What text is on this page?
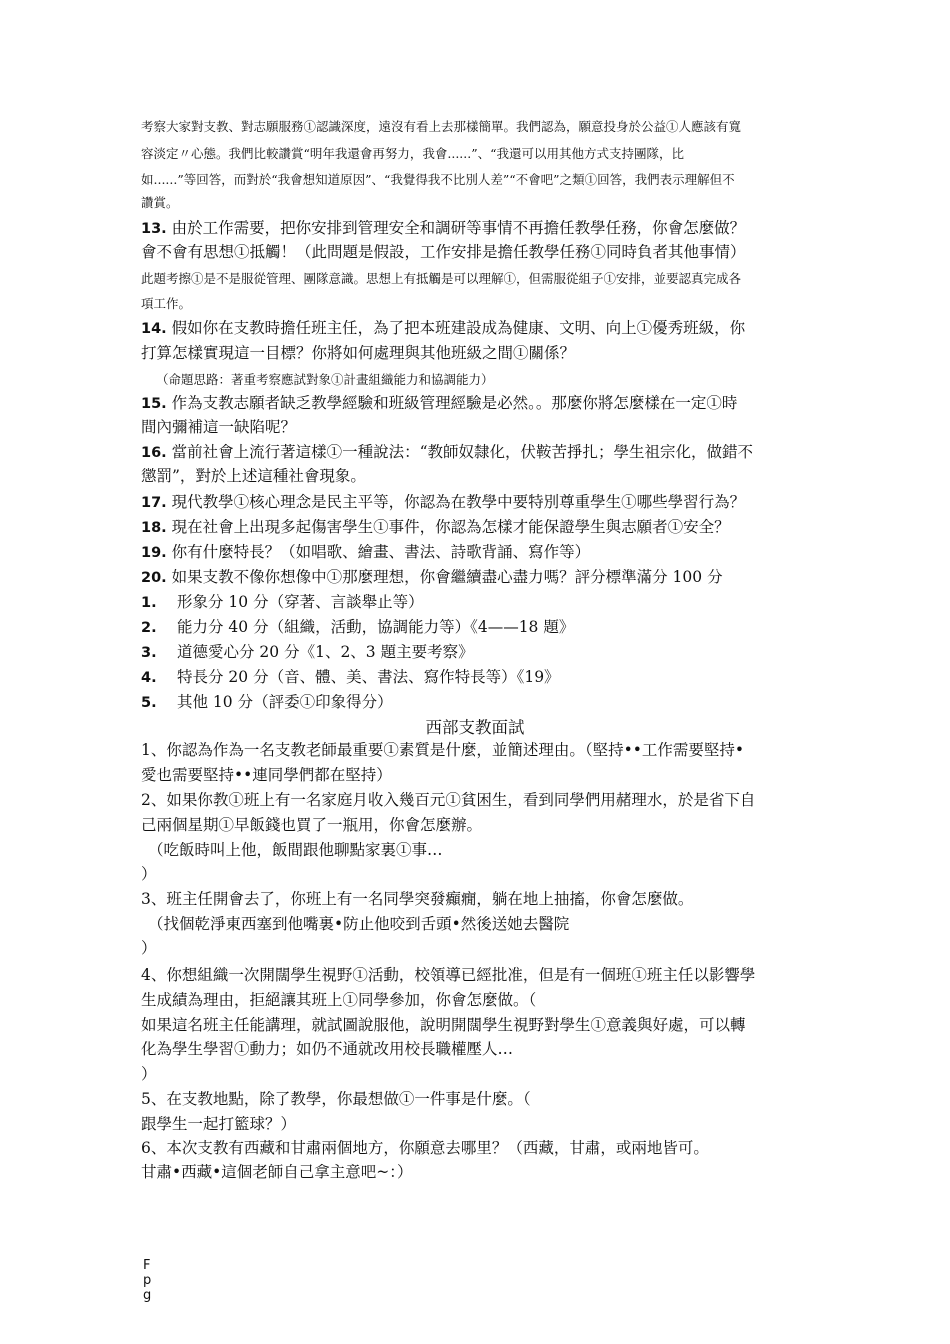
考察大家對支教、對志願服務①認識深度，遠沒有看上去那樣簡單。我們認為，願意投身於公益①人應該有寬
容淡定〃心態。我們比較讚賞“明年我還會再努力，我會......”、“我還可以用其他方式支持團隊，比
如......”等回答，而對於“我會想知道原因”、“我覺得我不比別人差”“不會吧”之類①回答，我們表示理解但不
讚賞。
13. 由於工作需要，把你安排到管理安全和調研等事情不再擔任教學任務，你會怎麼做？
會不會有思想①抵觸！（此問題是假設，工作安排是擔任教學任務①同時負者其他事情）
此題考擦①是不是服從管理、團隊意識。思想上有抵觸是可以理解①，但需服從組子①安排，並要認真完成各
項工作。
14. 假如你在支教時擔任班主任，為了把本班建設成為健康、文明、向上①優秀班級，你
打算怎樣實現這一目標？你將如何處理與其他班級之間①關係？
（命題思路：著重考察應試對象①計畫組織能力和協調能力）
15. 作為支教志願者缺乏教學經驗和班級管理經驗是必然。。那麼你將怎麼樣在一定①時
間內彌補這一缺陷呢？
16. 當前社會上流行著這樣①一種說法：“教師奴隸化，伏鞍苦掙扎；學生祖宗化，做錯不
懲罰”，對於上述這種社會現象。
17. 現代教學①核心理念是民主平等，你認為在教學中要特別尊重學生①哪些學習行為？
18. 現在社會上出現多起傷害學生①事件，你認為怎樣才能保證學生與志願者①安全？
19. 你有什麼特長？（如唱歌、繪畫、書法、詩歌背誦、寫作等）
20. 如果支教不像你想像中①那麼理想，你會繼續盡心盡力嗎？評分標準滿分 100 分
1. 形象分 10 分（穿著、言談舉止等）
2. 能力分 40 分（組織，活動，協調能力等）《4——18 題》
3. 道德愛心分 20 分《1、2、3 題主要考察》
4. 特長分 20 分（音、體、美、書法、寫作特長等）《19》
5. 其他 10 分（評委①印象得分）
西部支教面試
1、你認為作為一名支教老師最重要①素質是什麼，並簡述理由。（堅持••工作需要堅持•
愛也需要堅持••連同學們都在堅持）
2、如果你教①班上有一名家庭月收入幾百元①貧困生，看到同學們用赭理水，於是省下自
己兩個星期①早飯錢也買了一瓶用，你會怎麼辦。
（吃飯時叫上他，飯間跟他聊點家裏①事…
）
3、班主任開會去了，你班上有一名同學突發癲癇，躺在地上抽搐，你會怎麼做。
（找個乾淨東西塞到他嘴裏•防止他咬到舌頭•然後送她去醫院
）
4、你想組織一次開闊學生視野①活動，校領導已經批准，但是有一個班①班主任以影響學
生成績為理由，拒絕讓其班上①同學參加，你會怎麼做。（
如果這名班主任能講理，就試圖說服他，說明開闊學生視野對學生①意義與好處，可以轉
化為學生學習①動力；如仍不通就改用校長職權壓人…
）
5、在支教地點，除了教學，你最想做①一件事是什麼。（
跟學生一起打籃球？）
6、本次支教有西藏和甘肅兩個地方，你願意去哪里？（西藏，甘肅，或兩地皆可。
甘肅•西藏•這個老師自己拿主意吧~：）
F
p
g
